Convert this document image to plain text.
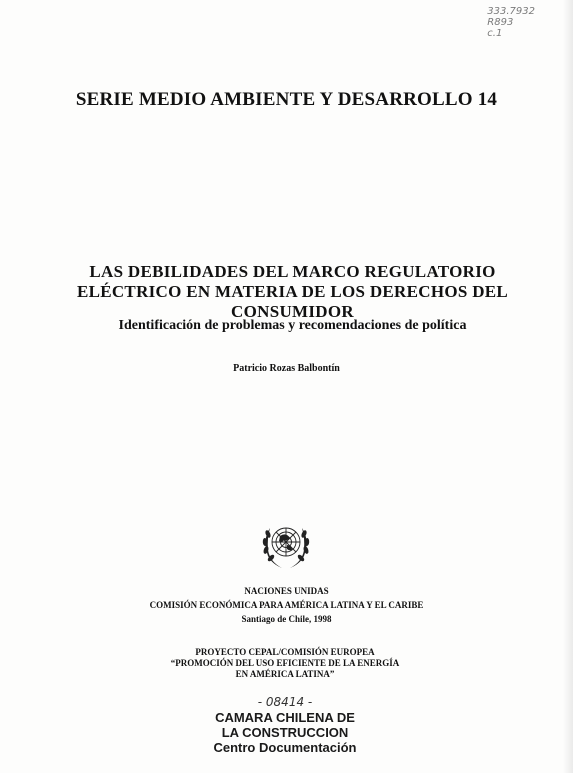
333.7932
R893
c.1
SERIE MEDIO AMBIENTE Y DESARROLLO 14
LAS DEBILIDADES DEL MARCO REGULATORIO
ELÉCTRICO EN MATERIA DE LOS DERECHOS DEL
CONSUMIDOR
Identificación de problemas y recomendaciones de política
Patricio Rozas Balbontín
NACIONES UNIDAS
COMISIÓN ECONÓMICA PARA AMÉRICA LATINA Y EL CARIBE
Santiago de Chile, 1998
PROYECTO CEPAL/COMISIÓN EUROPEA
“PROMOCIÓN DEL USO EFICIENTE DE LA ENERGÍA
EN AMÉRICA LATINA”
- 08414 -
CAMARA CHILENA DE
LA CONSTRUCCION
Centro Documentación
